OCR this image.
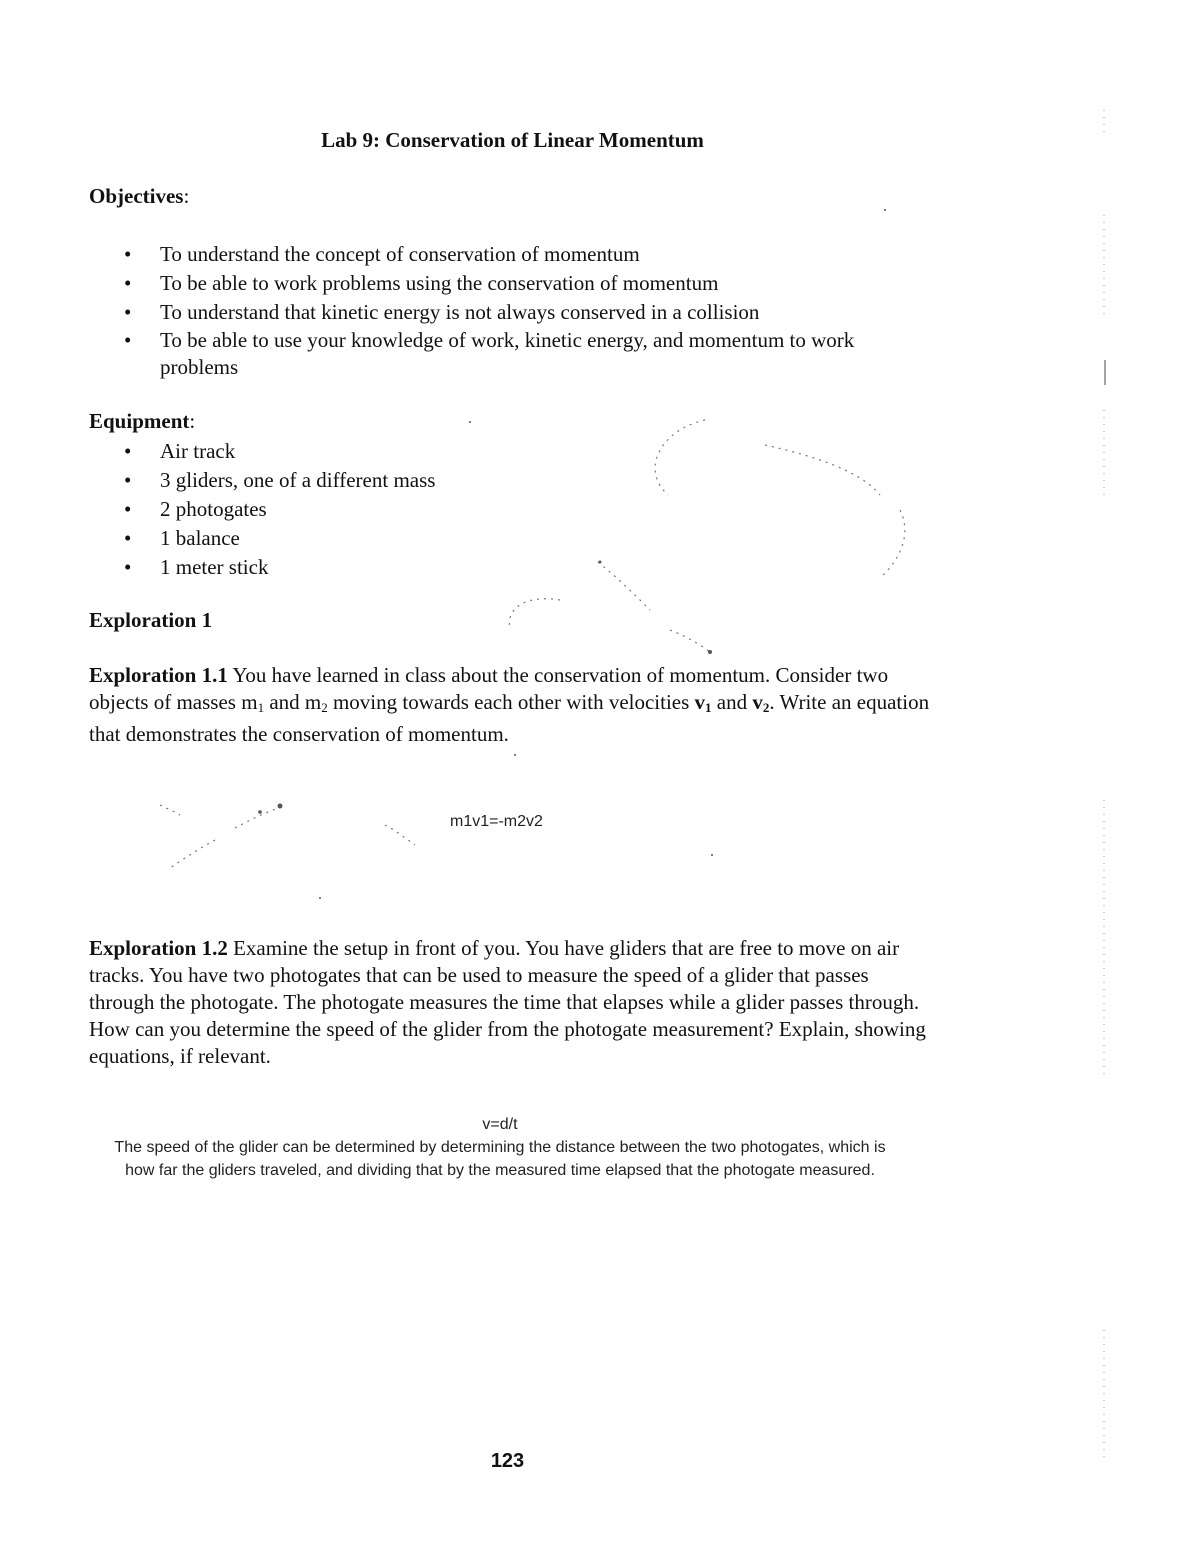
Lab 9: Conservation of Linear Momentum
Objectives:
• To understand the concept of conservation of momentum
• To be able to work problems using the conservation of momentum
• To understand that kinetic energy is not always conserved in a collision
• To be able to use your knowledge of work, kinetic energy, and momentum to work problems
Equipment:
• Air track
• 3 gliders, one of a different mass
• 2 photogates
• 1 balance
• 1 meter stick
Exploration 1
Exploration 1.1 You have learned in class about the conservation of momentum. Consider two objects of masses $m_1$ and $m_2$ moving towards each other with velocities $v_1$ and $v_2$. Write an equation that demonstrates the conservation of momentum.
m1v1=-m2v2
Exploration 1.2 Examine the setup in front of you. You have gliders that are free to move on air tracks. You have two photogates that can be used to measure the speed of a glider that passes through the photogate. The photogate measures the time that elapses while a glider passes through. How can you determine the speed of the glider from the photogate measurement? Explain, showing equations, if relevant.
v=d/t
The speed of the glider can be determined by determining the distance between the two photogates, which is how far the gliders traveled, and dividing that by the measured time elapsed that the photogate measured.
123
